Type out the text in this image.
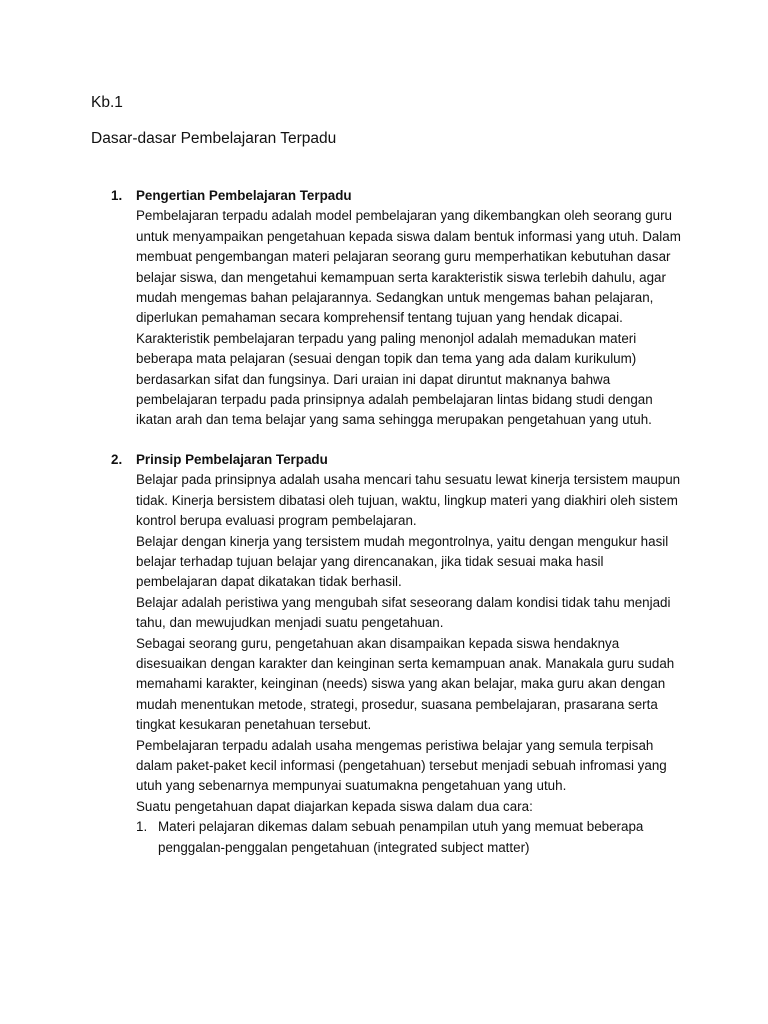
Kb.1

Dasar-dasar Pembelajaran Terpadu
1. Pengertian Pembelajaran Terpadu

Pembelajaran terpadu adalah model pembelajaran yang dikembangkan oleh seorang guru untuk menyampaikan pengetahuan kepada siswa dalam bentuk informasi yang utuh. Dalam membuat pengembangan materi pelajaran seorang guru memperhatikan kebutuhan dasar belajar siswa, dan mengetahui kemampuan serta karakteristik siswa terlebih dahulu, agar mudah mengemas bahan pelajarannya. Sedangkan untuk mengemas bahan pelajaran, diperlukan pemahaman secara komprehensif tentang tujuan yang hendak dicapai. Karakteristik pembelajaran terpadu yang paling menonjol adalah memadukan materi beberapa mata pelajaran (sesuai dengan topik dan tema yang ada dalam kurikulum) berdasarkan sifat dan fungsinya. Dari uraian ini dapat diruntut maknanya bahwa pembelajaran terpadu pada prinsipnya adalah pembelajaran lintas bidang studi dengan ikatan arah dan tema belajar yang sama sehingga merupakan pengetahuan yang utuh.

2. Prinsip Pembelajaran Terpadu

Belajar pada prinsipnya adalah usaha mencari tahu sesuatu lewat kinerja tersistem maupun tidak. Kinerja bersistem dibatasi oleh tujuan, waktu, lingkup materi yang diakhiri oleh sistem kontrol berupa evaluasi program pembelajaran.

Belajar dengan kinerja yang tersistem mudah megontrolnya, yaitu dengan mengukur hasil belajar terhadap tujuan belajar yang direncanakan, jika tidak sesuai maka hasil pembelajaran dapat dikatakan tidak berhasil.

Belajar adalah peristiwa yang mengubah sifat seseorang dalam kondisi tidak tahu menjadi tahu, dan mewujudkan menjadi suatu pengetahuan.

Sebagai seorang guru, pengetahuan akan disampaikan kepada siswa hendaknya disesuaikan dengan karakter dan keinginan serta kemampuan anak. Manakala guru sudah memahami karakter, keinginan (needs) siswa yang akan belajar, maka guru akan dengan mudah menentukan metode, strategi, prosedur, suasana pembelajaran, prasarana serta tingkat kesukaran penetahuan tersebut.

Pembelajaran terpadu adalah usaha mengemas peristiwa belajar yang semula terpisah dalam paket-paket kecil informasi (pengetahuan) tersebut menjadi sebuah infromasi yang utuh yang sebenarnya mempunyai suatumakna pengetahuan yang utuh.

Suatu pengetahuan dapat diajarkan kepada siswa dalam dua cara:

1. Materi pelajaran dikemas dalam sebuah penampilan utuh yang memuat beberapa penggalan-penggalan pengetahuan (integrated subject matter)
